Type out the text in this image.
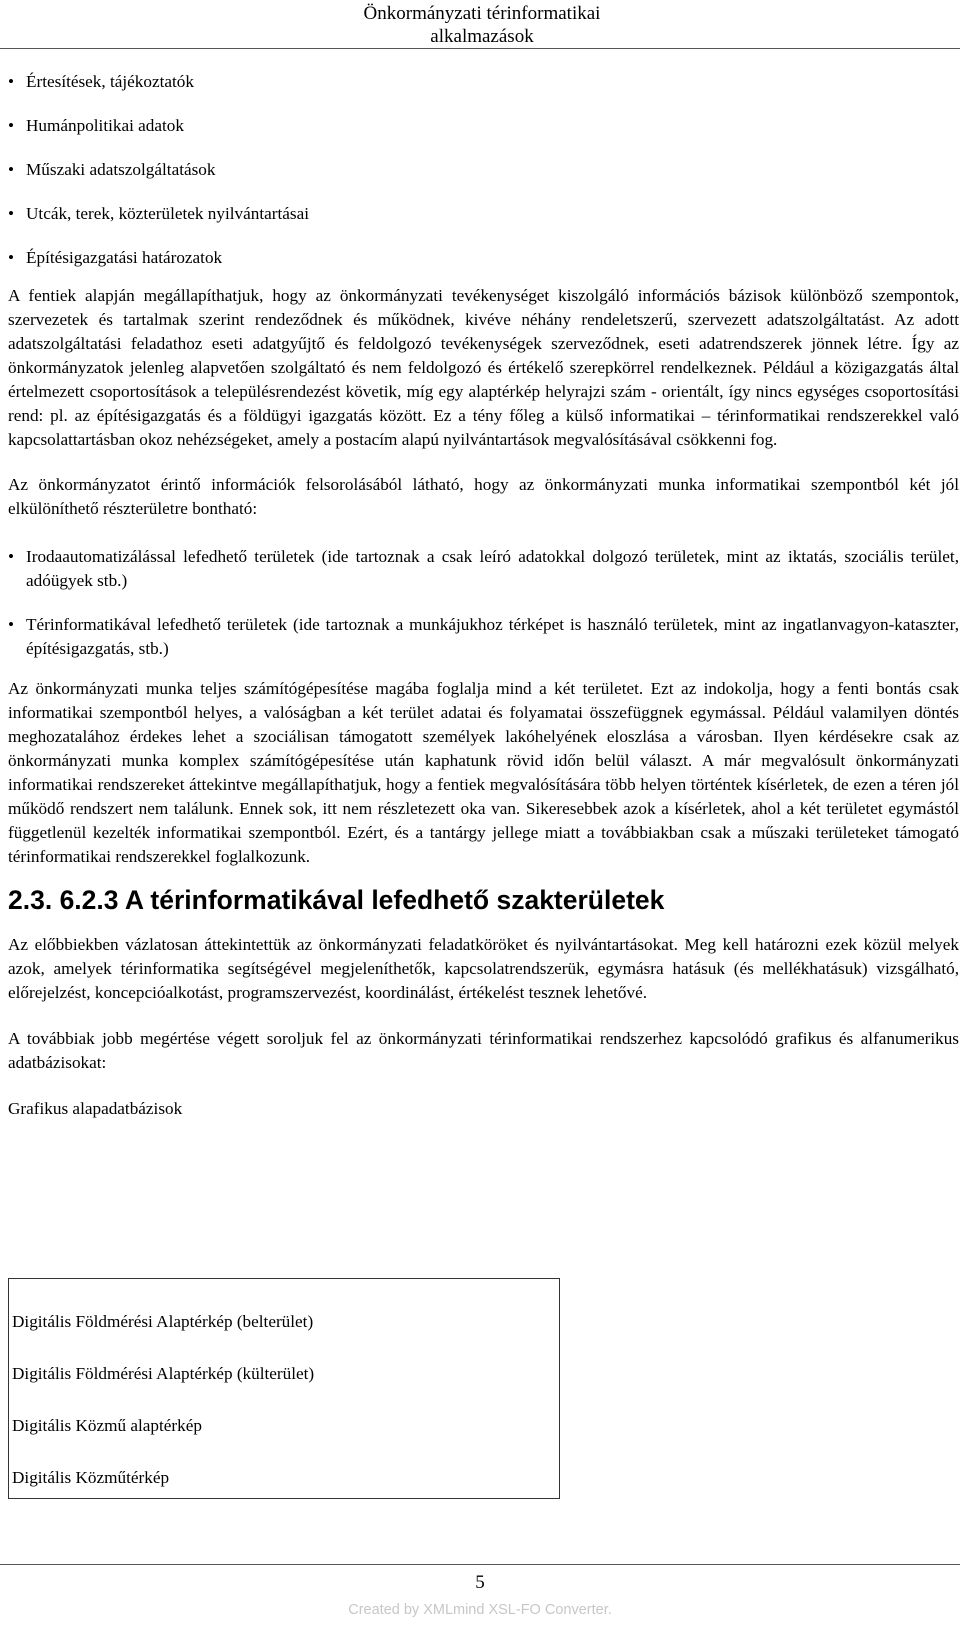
Önkormányzati térinformatikai alkalmazások
• Értesítések, tájékoztatók
• Humánpolitikai adatok
• Műszaki adatszolgáltatások
• Utcák, terek, közterületek nyilvántartásai
• Építésigazgatási határozatok

A fentiek alapján megállapíthatjuk, hogy az önkormányzati tevékenységet kiszolgáló információs bázisok különböző szempontok, szervezetek és tartalmak szerint rendeződnek és működnek, kivéve néhány rendeletszerű, szervezett adatszolgáltatást. Az adott adatszolgáltatási feladathoz eseti adatgyűjtő és feldolgozó tevékenységek szerveződnek, eseti adatrendszerek jönnek létre. Így az önkormányzatok jelenleg alapvetően szolgáltató és nem feldolgozó és értékelő szerepkörrel rendelkeznek. Például a közigazgatás által értelmezett csoportosítások a településrendezést követik, míg egy alaptérkép helyrajzi szám - orientált, így nincs egységes csoportosítási rend: pl. az építésigazgatás és a földügyi igazgatás között. Ez a tény főleg a külső informatikai – térinformatikai rendszerekkel való kapcsolattartásban okoz nehézségeket, amely a postacím alapú nyilvántartások megvalósításával csökkenni fog.

Az önkormányzatot érintő információk felsorolásából látható, hogy az önkormányzati munka informatikai szempontból két jól elkülöníthető részterületre bontható:

• Irodaautomatizálással lefedhető területek (ide tartoznak a csak leíró adatokkal dolgozó területek, mint az iktatás, szociális terület, adóügyek stb.)
• Térinformatikával lefedhető területek (ide tartoznak a munkájukhoz térképet is használó területek, mint az ingatlanvagyon-kataszter, építésigazgatás, stb.)

Az önkormányzati munka teljes számítógépesítése magába foglalja mind a két területet. Ezt az indokolja, hogy a fenti bontás csak informatikai szempontból helyes, a valóságban a két terület adatai és folyamatai összefüggnek egymással. Például valamilyen döntés meghozatalához érdekes lehet a szociálisan támogatott személyek lakóhelyének eloszlása a városban. Ilyen kérdésekre csak az önkormányzati munka komplex számítógépesítése után kaphatunk rövid időn belül választ. A már megvalósult önkormányzati informatikai rendszereket áttekintve megállapíthatjuk, hogy a fentiek megvalósítására több helyen történtek kísérletek, de ezen a téren jól működő rendszert nem találunk. Ennek sok, itt nem részletezett oka van. Sikeresebbek azok a kísérletek, ahol a két területet egymástól függetlenül kezelték informatikai szempontból. Ezért, és a tantárgy jellege miatt a továbbiakban csak a műszaki területeket támogató térinformatikai rendszerekkel foglalkozunk.

2.3. 6.2.3 A térinformatikával lefedhető szakterületek

Az előbbiekben vázlatosan áttekintettük az önkormányzati feladatköröket és nyilvántartásokat. Meg kell határozni ezek közül melyek azok, amelyek térinformatika segítségével megjeleníthetők, kapcsolatrendszerük, egymásra hatásuk (és mellékhatásuk) vizsgálható, előrejelzést, koncepcióalkotást, programszervezést, koordinálást, értékelést tesznek lehetővé.

A továbbiak jobb megértése végett soroljuk fel az önkormányzati térinformatikai rendszerhez kapcsolódó grafikus és alfanumerikus adatbázisokat:

Grafikus alapadatbázisok

Digitális Földmérési Alaptérkép (belterület)
Digitális Földmérési Alaptérkép (külterület)
Digitális Közmű alaptérkép
Digitális Közműtérkép
5
Created by XMLmind XSL-FO Converter.
